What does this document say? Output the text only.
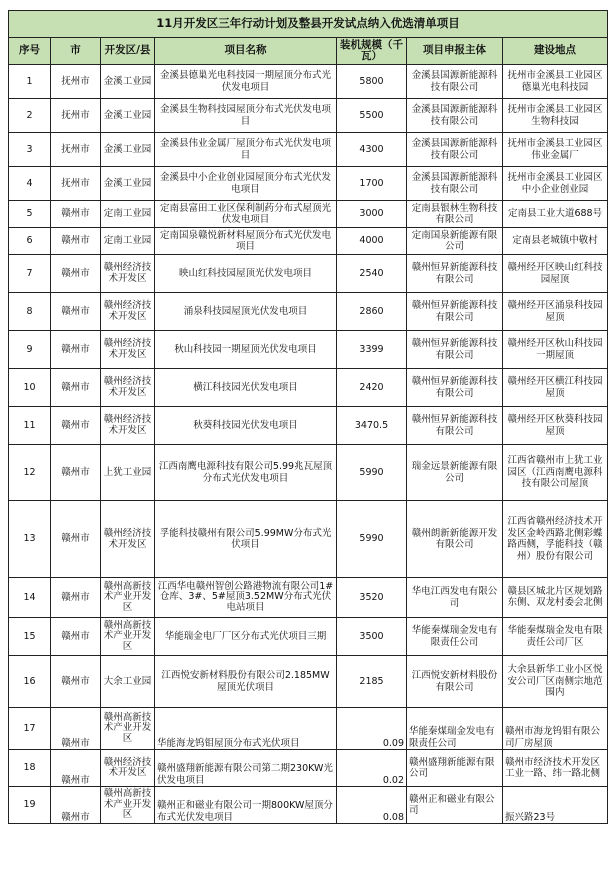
11月开发区三年行动计划及整县开发试点纳入优选清单项目						
序号	市	开发区/县	项目名称	装机规模（千瓦）	项目申报主体	建设地点
1	抚州市	金溪工业园	金溪县德巢光电科技园一期屋顶分布式光伏发电项目	5800	金溪县国源新能源科技有限公司	抚州市金溪县工业园区德巢光电科技园
2	抚州市	金溪工业园	金溪县生物科技园屋顶分布式光伏发电项目	5500	金溪县国源新能源科技有限公司	抚州市金溪县工业园区生物科技园
3	抚州市	金溪工业园	金溪县伟业金属厂屋顶分布式光伏发电项目	4300	金溪县国源新能源科技有限公司	抚州市金溪县工业园区伟业金属厂
4	抚州市	金溪工业园	金溪县中小企业创业园屋顶分布式光伏发电项目	1700	金溪县国源新能源科技有限公司	抚州市金溪县工业园区中小企业创业园
5	赣州市	定南工业园	定南县富田工业区保利制药分布式屋顶光伏发电项目	3000	定南县银林生物科技有限公司	定南县工业大道688号
6	赣州市	定南工业园	定南国泉赣悦新材料屋顶分布式光伏发电项目	4000	定南国泉新能源有限公司	定南县老城镇中敬村
7	赣州市	赣州经济技术开发区	映山红科技园屋顶光伏发电项目	2540	赣州恒昇新能源科技有限公司	赣州经开区映山红科技园屋顶
8	赣州市	赣州经济技术开发区	涌泉科技园屋顶光伏发电项目	2860	赣州恒昇新能源科技有限公司	赣州经开区涌泉科技园屋顶
9	赣州市	赣州经济技术开发区	秋山科技园一期屋顶光伏发电项目	3399	赣州恒昇新能源科技有限公司	赣州经开区秋山科技园一期屋顶
10	赣州市	赣州经济技术开发区	横江科技园光伏发电项目	2420	赣州恒昇新能源科技有限公司	赣州经开区横江科技园屋顶
11	赣州市	赣州经济技术开发区	秋葵科技园光伏发电项目	3470.5	赣州恒昇新能源科技有限公司	赣州经开区秋葵科技园屋顶
12	赣州市	上犹工业园	江西南鹰电源科技有限公司5.99兆瓦屋顶分布式光伏发电项目	5990	瑞金远景新能源有限公司	江西省赣州市上犹工业园区（江西南鹰电源科技有限公司屋顶
13	赣州市	赣州经济技术开发区	孚能科技赣州有限公司5.99MW分布式光伏项目	5990	赣州朗新新能源开发有限公司	江西省赣州经济技术开发区金岭西路北侧彩蝶路西侧，孚能科技（赣州）股份有限公司
14	赣州市	赣州高新技术产业开发区	江西华电赣州智创公路港物流有限公司1#仓库、3#、5#屋顶3.52MW分布式光伏电站项目	3520	华电江西发电有限公司	赣县区城北片区规划路东侧、双龙村委会北侧
15	赣州市	赣州高新技术产业开发区	华能瑞金电厂厂区分布式光伏项目三期	3500	华能秦煤瑞金发电有限责任公司	华能秦煤瑞金发电有限责任公司厂区
16	赣州市	大余工业园	江西悦安新材料股份有限公司2.185MW屋顶光伏项目	2185	江西悦安新材料股份有限公司	大余县新华工业小区悦安公司厂区南侧宗地范围内
17	赣州市	赣州高新技术产业开发区	华能海龙钨钼屋顶分布式光伏项目	0.09	华能秦煤瑞金发电有限责任公司	赣州市海龙钨钼有限公司厂房屋顶
18	赣州市	赣州经济技术开发区	赣州盛翔新能源有限公司第二期230KW光伏发电项目	0.02	赣州盛翔新能源有限公司	赣州市经济技术开发区工业一路、纬一路北侧
19	赣州市	赣州高新技术产业开发区	赣州正和磁业有限公司一期800KW屋顶分布式光伏发电项目	0.08	赣州正和磁业有限公司	振兴路23号
